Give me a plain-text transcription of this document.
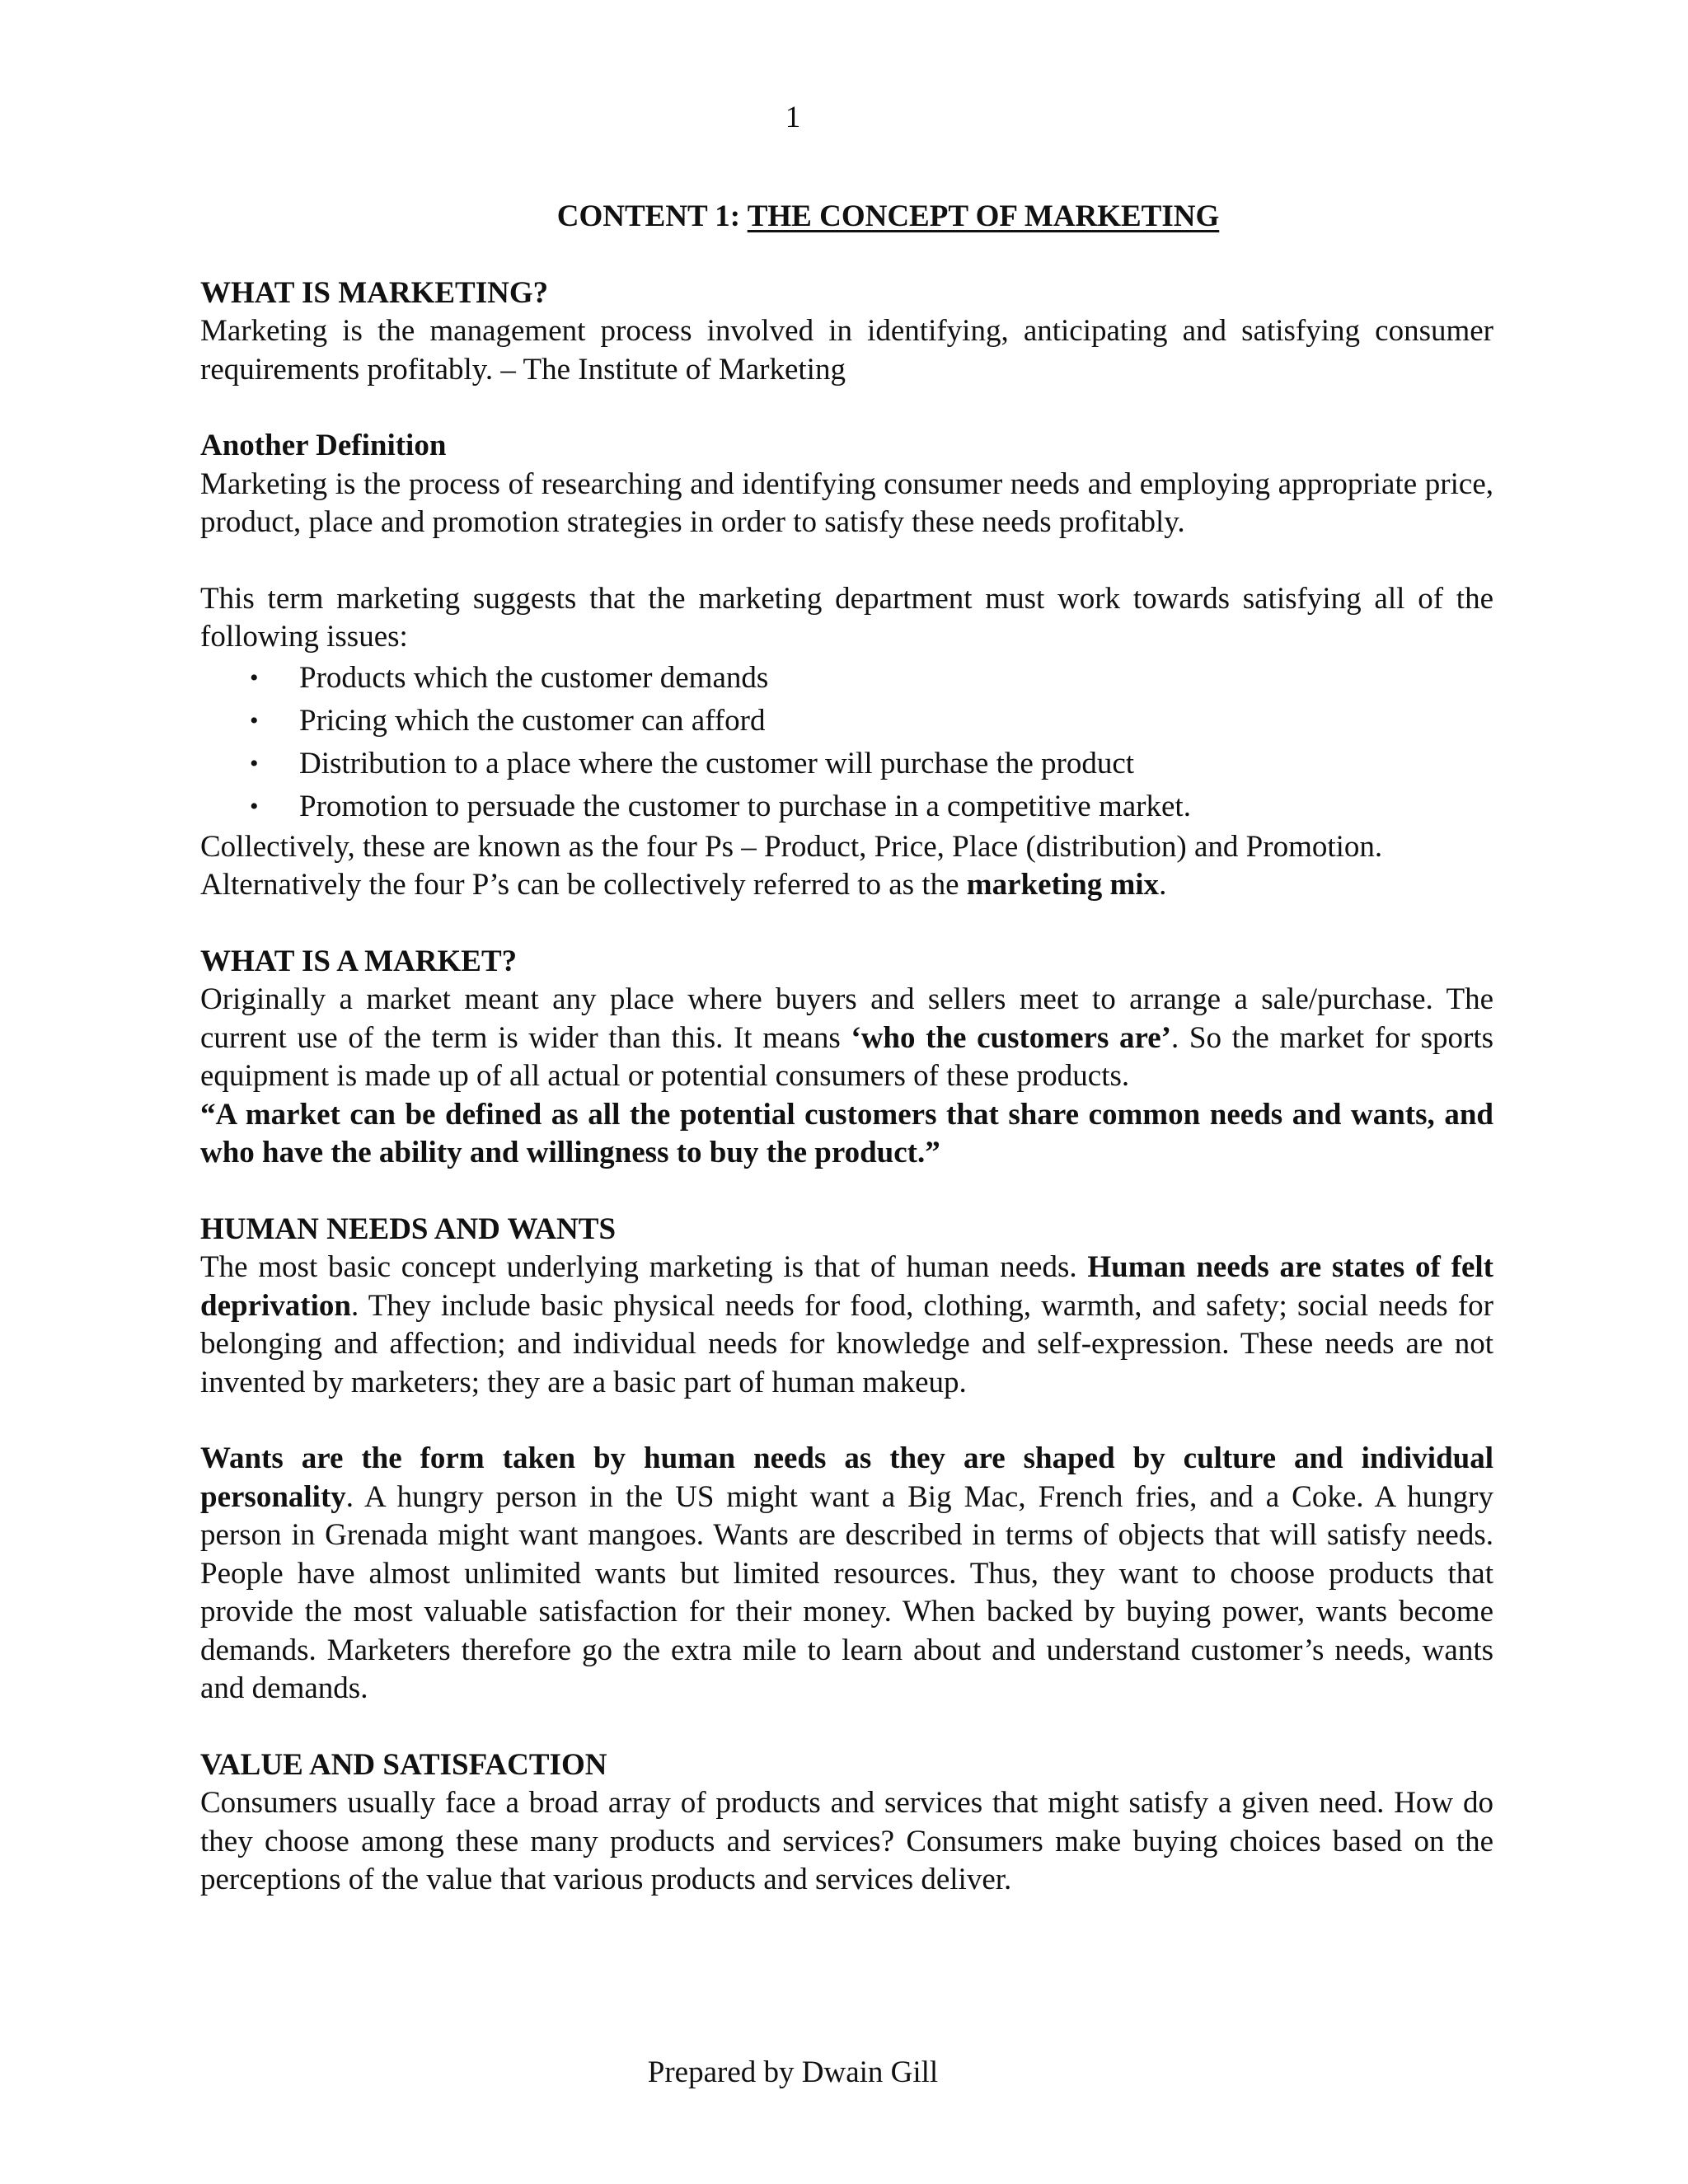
1
CONTENT 1: THE CONCEPT OF MARKETING
WHAT IS MARKETING?

Marketing is the management process involved in identifying, anticipating and satisfying consumer requirements profitably. – The Institute of Marketing

Another Definition

Marketing is the process of researching and identifying consumer needs and employing appropriate price, product, place and promotion strategies in order to satisfy these needs profitably.

This term marketing suggests that the marketing department must work towards satisfying all of the following issues:

• Products which the customer demands
• Pricing which the customer can afford
• Distribution to a place where the customer will purchase the product
• Promotion to persuade the customer to purchase in a competitive market.

Collectively, these are known as the four Ps – Product, Price, Place (distribution) and Promotion.

Alternatively the four P’s can be collectively referred to as the marketing mix.

WHAT IS A MARKET?

Originally a market meant any place where buyers and sellers meet to arrange a sale/purchase. The current use of the term is wider than this. It means ‘who the customers are’. So the market for sports equipment is made up of all actual or potential consumers of these products.

“A market can be defined as all the potential customers that share common needs and wants, and who have the ability and willingness to buy the product.”

HUMAN NEEDS AND WANTS

The most basic concept underlying marketing is that of human needs. Human needs are states of felt deprivation. They include basic physical needs for food, clothing, warmth, and safety; social needs for belonging and affection; and individual needs for knowledge and self-expression. These needs are not invented by marketers; they are a basic part of human makeup.

Wants are the form taken by human needs as they are shaped by culture and individual personality. A hungry person in the US might want a Big Mac, French fries, and a Coke. A hungry person in Grenada might want mangoes. Wants are described in terms of objects that will satisfy needs. People have almost unlimited wants but limited resources. Thus, they want to choose products that provide the most valuable satisfaction for their money. When backed by buying power, wants become demands. Marketers therefore go the extra mile to learn about and understand customer’s needs, wants and demands.

VALUE AND SATISFACTION

Consumers usually face a broad array of products and services that might satisfy a given need. How do they choose among these many products and services? Consumers make buying choices based on the perceptions of the value that various products and services deliver.

Prepared by Dwain Gill
